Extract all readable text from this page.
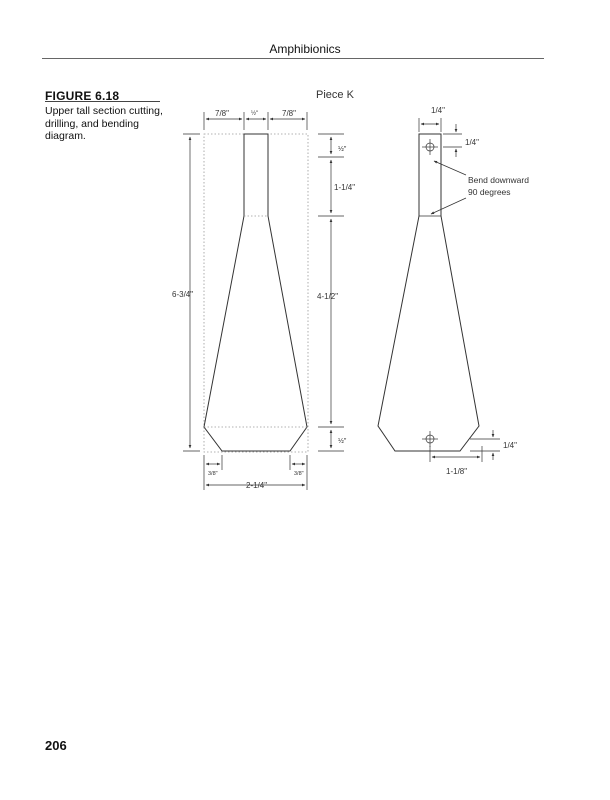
Amphibionics
FIGURE 6.18
Upper tall section cutting, drilling, and bending diagram.
Piece K
7/8"	½"	7/8"
6-3/4"
½"
1-1/4"
4-1/2"
½"
3/8"	3/8"
2-1/4"
1/4"
1/4"
1/4"
1-1/8"
Bend downward
90 degrees
206
